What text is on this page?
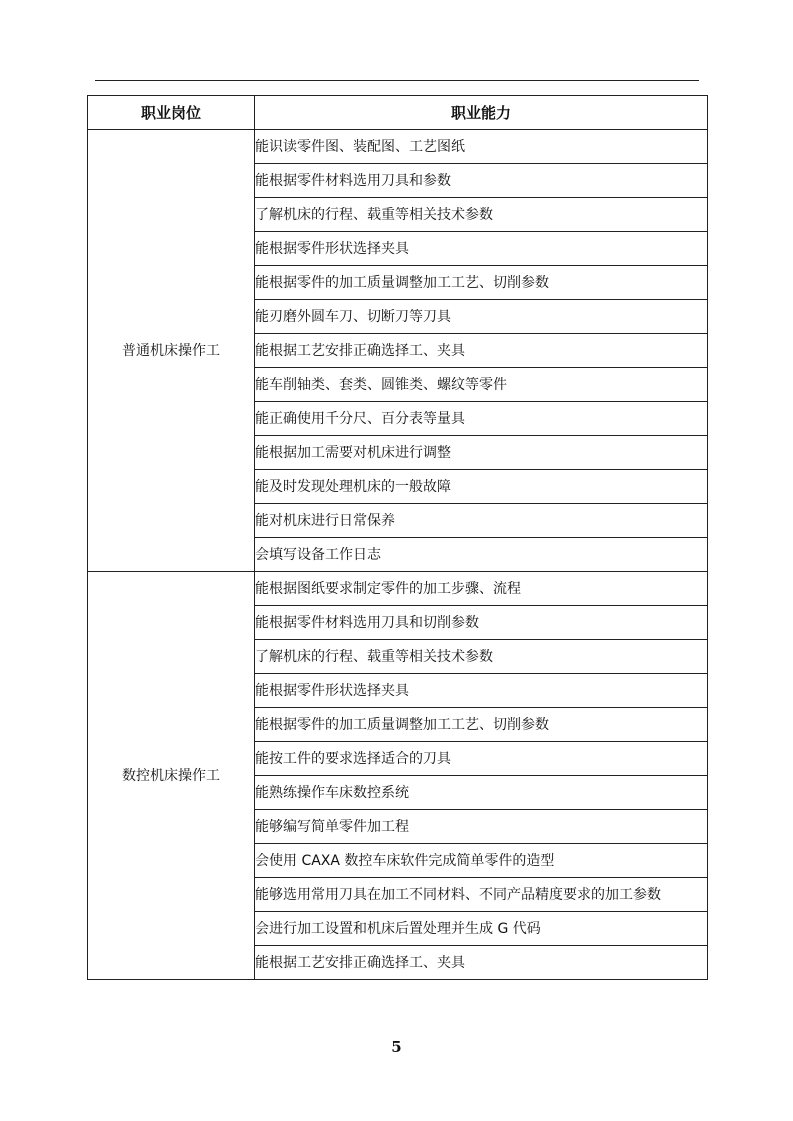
职业岗位	职业能力
普通机床操作工	能识读零件图、装配图、工艺图纸
	能根据零件材料选用刀具和参数
	了解机床的行程、载重等相关技术参数
	能根据零件形状选择夹具
	能根据零件的加工质量调整加工工艺、切削参数
	能刃磨外圆车刀、切断刀等刀具
	能根据工艺安排正确选择工、夹具
	能车削轴类、套类、圆锥类、螺纹等零件
	能正确使用千分尺、百分表等量具
	能根据加工需要对机床进行调整
	能及时发现处理机床的一般故障
	能对机床进行日常保养
	会填写设备工作日志
数控机床操作工	能根据图纸要求制定零件的加工步骤、流程
	能根据零件材料选用刀具和切削参数
	了解机床的行程、载重等相关技术参数
	能根据零件形状选择夹具
	能根据零件的加工质量调整加工工艺、切削参数
	能按工件的要求选择适合的刀具
	能熟练操作车床数控系统
	能够编写简单零件加工程
	会使用 CAXA 数控车床软件完成简单零件的造型
	能够选用常用刀具在加工不同材料、不同产品精度要求的加工参数
	会进行加工设置和机床后置处理并生成 G 代码
	能根据工艺安排正确选择工、夹具
5
